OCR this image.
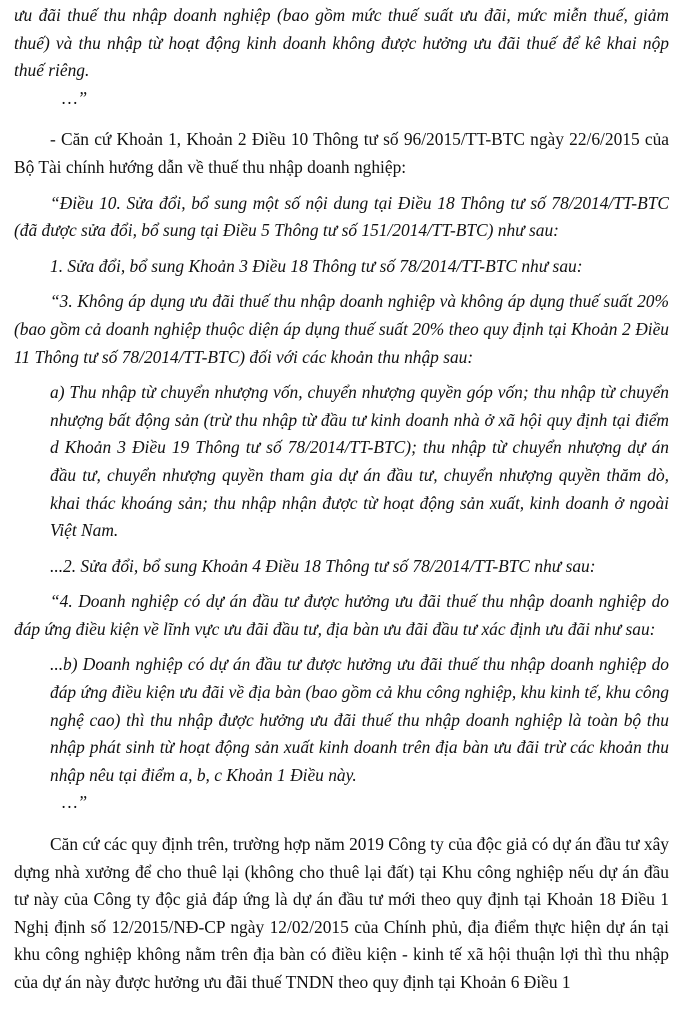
ưu đãi thuế thu nhập doanh nghiệp (bao gồm mức thuế suất ưu đãi, mức miễn thuế, giảm thuế) và thu nhập từ hoạt động kinh doanh không được hưởng ưu đãi thuế để kê khai nộp thuế riêng.

…”

- Căn cứ Khoản 1, Khoản 2 Điều 10 Thông tư số 96/2015/TT-BTC ngày 22/6/2015 của Bộ Tài chính hướng dẫn về thuế thu nhập doanh nghiệp:

“Điều 10. Sửa đổi, bổ sung một số nội dung tại Điều 18 Thông tư số 78/2014/TT-BTC (đã được sửa đổi, bổ sung tại Điều 5 Thông tư số 151/2014/TT-BTC) như sau:

1. Sửa đổi, bổ sung Khoản 3 Điều 18 Thông tư số 78/2014/TT-BTC như sau:

“3. Không áp dụng ưu đãi thuế thu nhập doanh nghiệp và không áp dụng thuế suất 20% (bao gồm cả doanh nghiệp thuộc diện áp dụng thuế suất 20% theo quy định tại Khoản 2 Điều 11 Thông tư số 78/2014/TT-BTC) đối với các khoản thu nhập sau:

a) Thu nhập từ chuyển nhượng vốn, chuyển nhượng quyền góp vốn; thu nhập từ chuyển nhượng bất động sản (trừ thu nhập từ đầu tư kinh doanh nhà ở xã hội quy định tại điểm d Khoản 3 Điều 19 Thông tư số 78/2014/TT-BTC); thu nhập từ chuyển nhượng dự án đầu tư, chuyển nhượng quyền tham gia dự án đầu tư, chuyển nhượng quyền thăm dò, khai thác khoáng sản; thu nhập nhận được từ hoạt động sản xuất, kinh doanh ở ngoài Việt Nam.

...2. Sửa đổi, bổ sung Khoản 4 Điều 18 Thông tư số 78/2014/TT-BTC như sau:

“4. Doanh nghiệp có dự án đầu tư được hưởng ưu đãi thuế thu nhập doanh nghiệp do đáp ứng điều kiện về lĩnh vực ưu đãi đầu tư, địa bàn ưu đãi đầu tư xác định ưu đãi như sau:

...b) Doanh nghiệp có dự án đầu tư được hưởng ưu đãi thuế thu nhập doanh nghiệp do đáp ứng điều kiện ưu đãi về địa bàn (bao gồm cả khu công nghiệp, khu kinh tế, khu công nghệ cao) thì thu nhập được hưởng ưu đãi thuế thu nhập doanh nghiệp là toàn bộ thu nhập phát sinh từ hoạt động sản xuất kinh doanh trên địa bàn ưu đãi trừ các khoản thu nhập nêu tại điểm a, b, c Khoản 1 Điều này.

…”

Căn cứ các quy định trên, trường hợp năm 2019 Công ty của độc giả có dự án đầu tư xây dựng nhà xưởng để cho thuê lại (không cho thuê lại đất) tại Khu công nghiệp nếu dự án đầu tư này của Công ty độc giả đáp ứng là dự án đầu tư mới theo quy định tại Khoản 18 Điều 1 Nghị định số 12/2015/NĐ-CP ngày 12/02/2015 của Chính phủ, địa điểm thực hiện dự án tại khu công nghiệp không nằm trên địa bàn có điều kiện - kinh tế xã hội thuận lợi thì thu nhập của dự án này được hưởng ưu đãi thuế TNDN theo quy định tại Khoản 6 Điều 1
